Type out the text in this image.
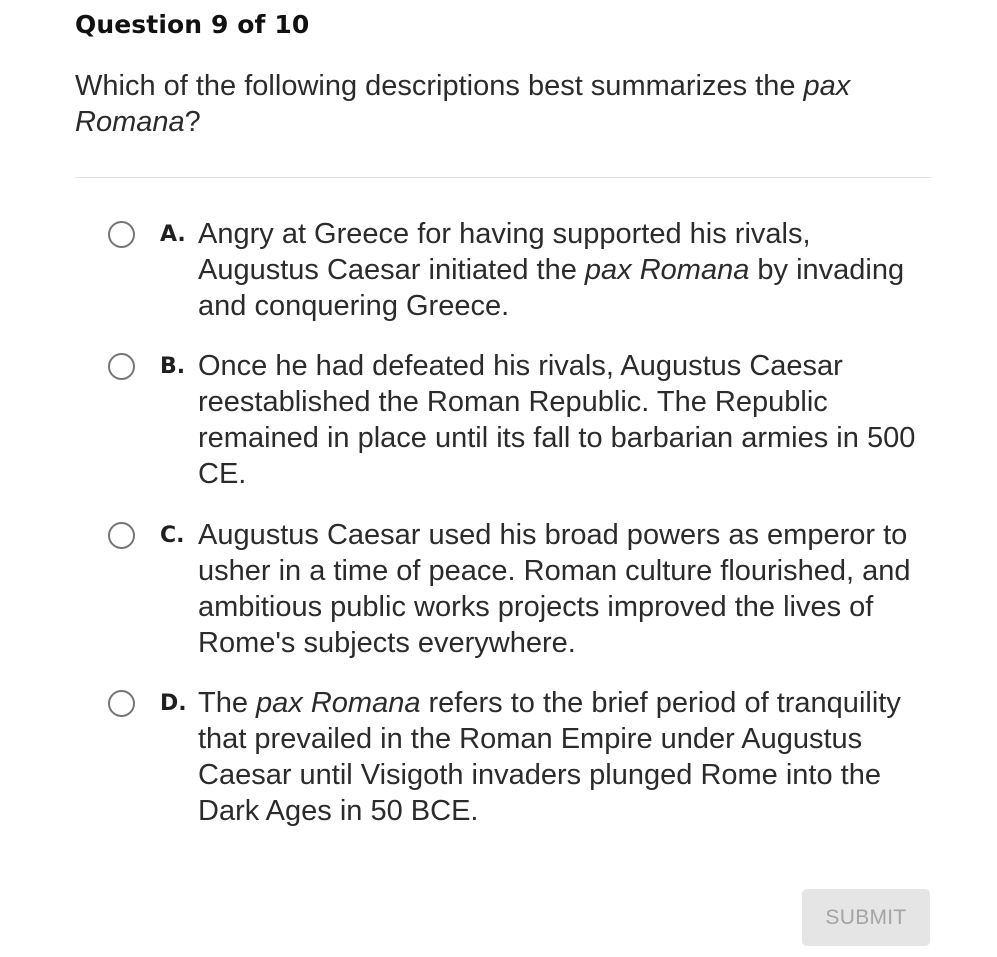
Question 9 of 10
Which of the following descriptions best summarizes the pax Romana?
A. Angry at Greece for having supported his rivals, Augustus Caesar initiated the pax Romana by invading and conquering Greece.
B. Once he had defeated his rivals, Augustus Caesar reestablished the Roman Republic. The Republic remained in place until its fall to barbarian armies in 500 CE.
C. Augustus Caesar used his broad powers as emperor to usher in a time of peace. Roman culture flourished, and ambitious public works projects improved the lives of Rome's subjects everywhere.
D. The pax Romana refers to the brief period of tranquility that prevailed in the Roman Empire under Augustus Caesar until Visigoth invaders plunged Rome into the Dark Ages in 50 BCE.
SUBMIT
